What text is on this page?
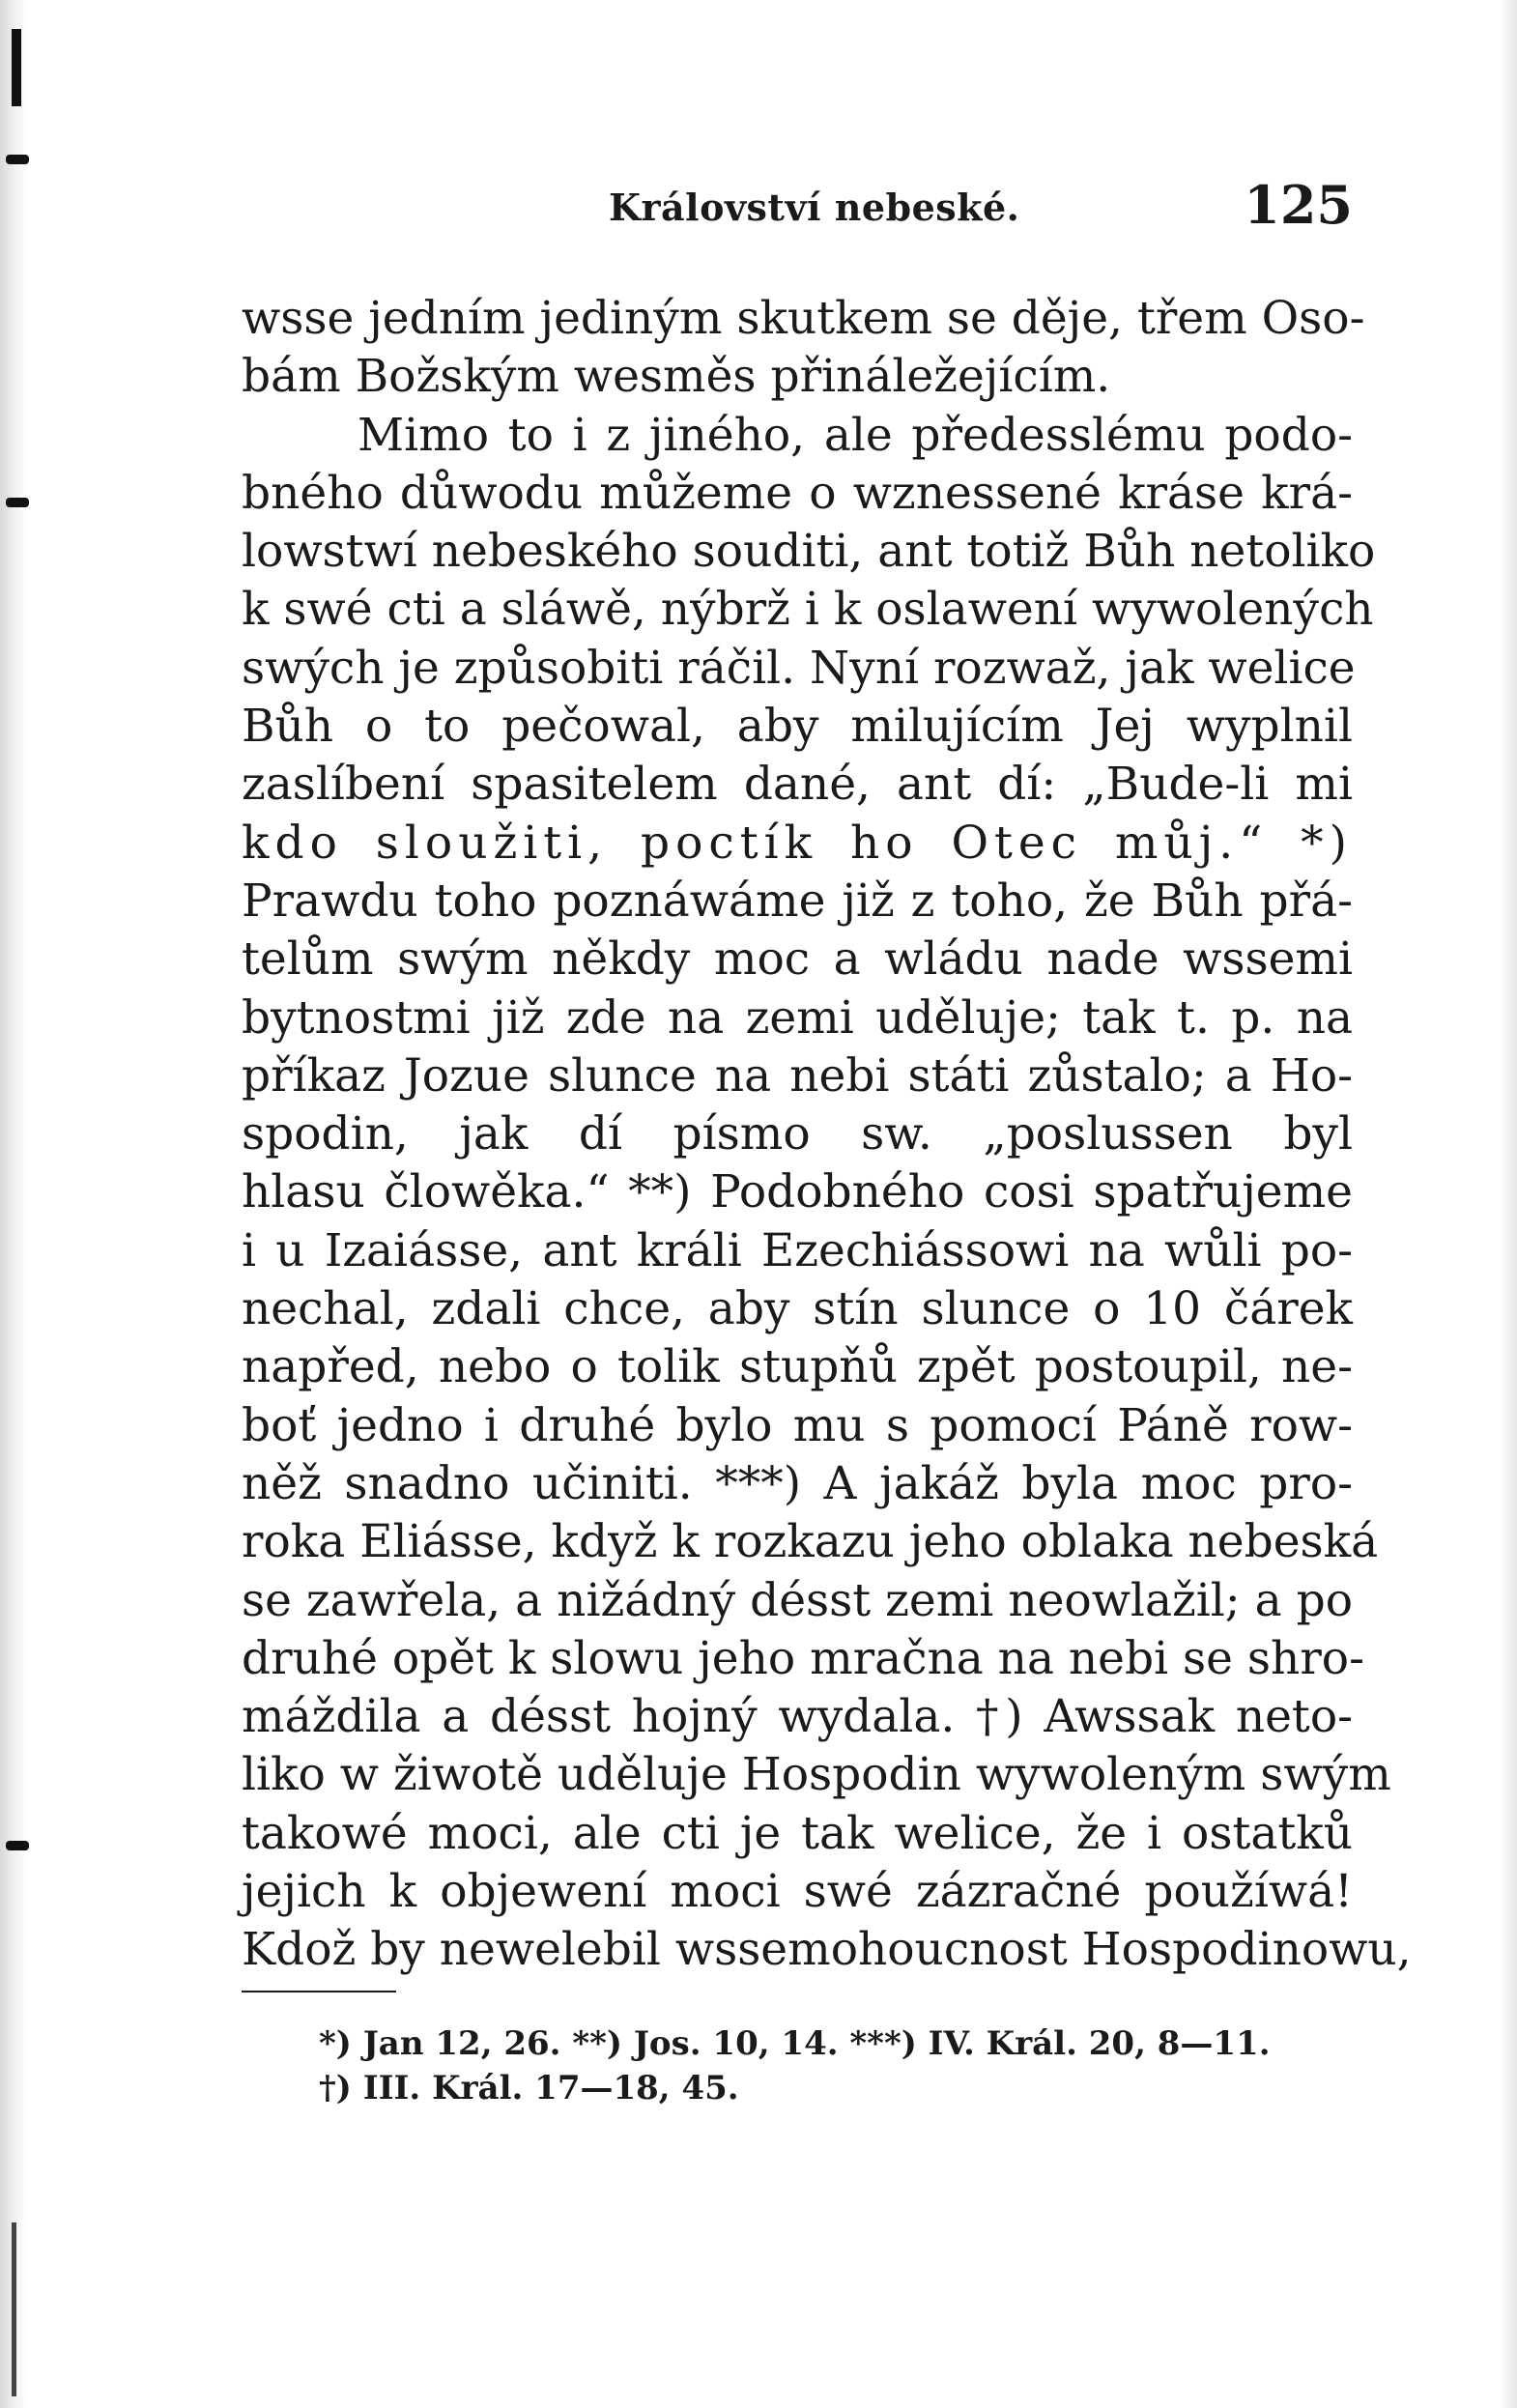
Království nebeské.	125
wsse jedním jediným skutkem se děje, třem Oso-
bám Božským wesměs přináležejícím.
Mimo to i z jiného, ale předesslému podo-
bného důwodu můžeme o wznessené kráse krá-
lowstwí nebeského souditi, ant totiž Bůh netoliko
k swé cti a sláwě, nýbrž i k oslawení wywolených
swých je způsobiti ráčil. Nyní rozwaž, jak welice
Bůh o to pečowal, aby milujícím Jej wyplnil
zaslíbení spasitelem dané, ant dí: „Bude-li mi
kdo sloužiti, poctík ho Otec můj.“ *)
Prawdu toho poznáwáme již z toho, že Bůh přá-
telům swým někdy moc a wládu nade wssemi
bytnostmi již zde na zemi uděluje; tak t. p. na
příkaz Jozue slunce na nebi státi zůstalo; a Ho-
spodin, jak dí písmo sw. „poslussen byl
hlasu člowěka.“ **) Podobného cosi spatřujeme
i u Izaiásse, ant králi Ezechiássowi na wůli po-
nechal, zdali chce, aby stín slunce o 10 čárek
napřed, nebo o tolik stupňů zpět postoupil, ne-
boť jedno i druhé bylo mu s pomocí Páně row-
něž snadno učiniti. ***) A jakáž byla moc pro-
roka Eliásse, když k rozkazu jeho oblaka nebeská
se zawřela, a nižádný désst zemi neowlažil; a po
druhé opět k slowu jeho mračna na nebi se shro-
máždila a désst hojný wydala. †) Awssak neto-
liko w žiwotě uděluje Hospodin wywoleným swým
takowé moci, ale cti je tak welice, že i ostatků
jejich k objewení moci swé zázračné použíwá!
Kdož by newelebil wssemohoucnost Hospodinowu,
*) Jan 12, 26. **) Jos. 10, 14. ***) IV. Král. 20, 8—11.
†) III. Král. 17—18, 45.
